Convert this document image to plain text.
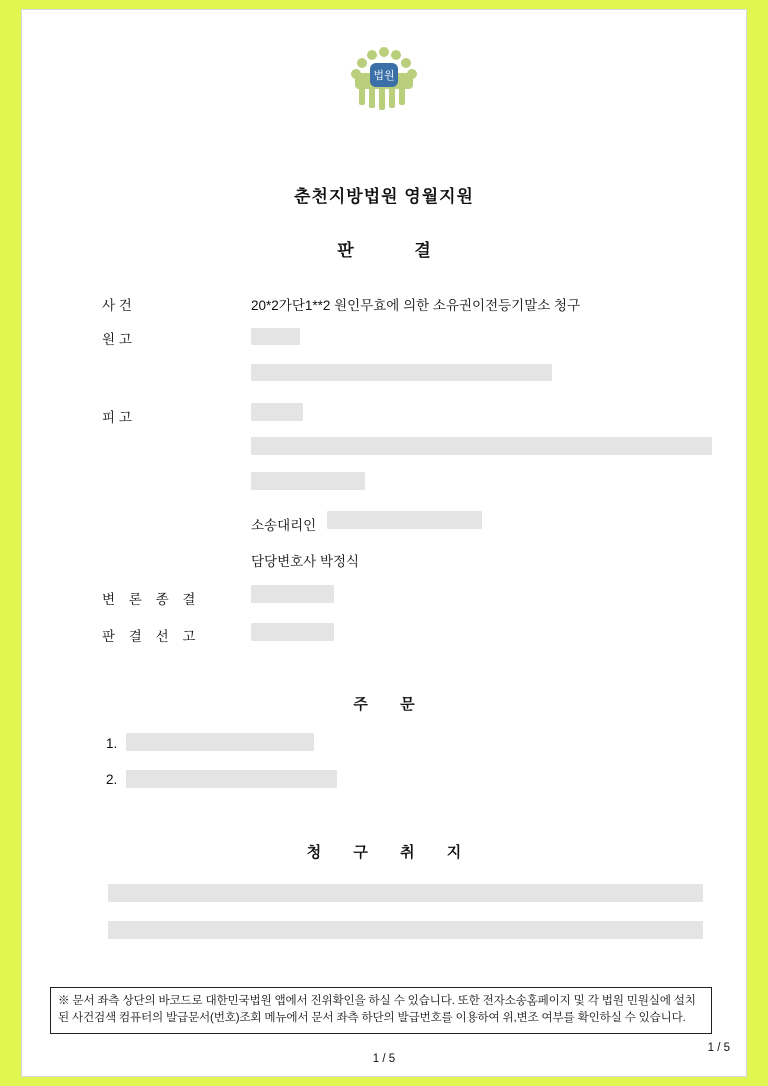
법원
춘천지방법원 영월지원
판 결
사 건	20*2가단1**2 원인무효에 의한 소유권이전등기말소 청구
원 고
피 고
소송대리인
담당변호사 박정식
변 론 종 결
판 결 선 고
주 문
1.
2.
청 구 취 지
※ 문서 좌측 상단의 바코드로 대한민국법원 앱에서 진위확인을 하실 수 있습니다. 또한 전자소송홈페이지 및 각 법원 민원실에 설치된 사건검색 컴퓨터의 발급문서(번호)조회 메뉴에서 문서 좌측 하단의 발급번호를 이용하여 위,변조 여부를 확인하실 수 있습니다.
1 / 5
1 / 5
